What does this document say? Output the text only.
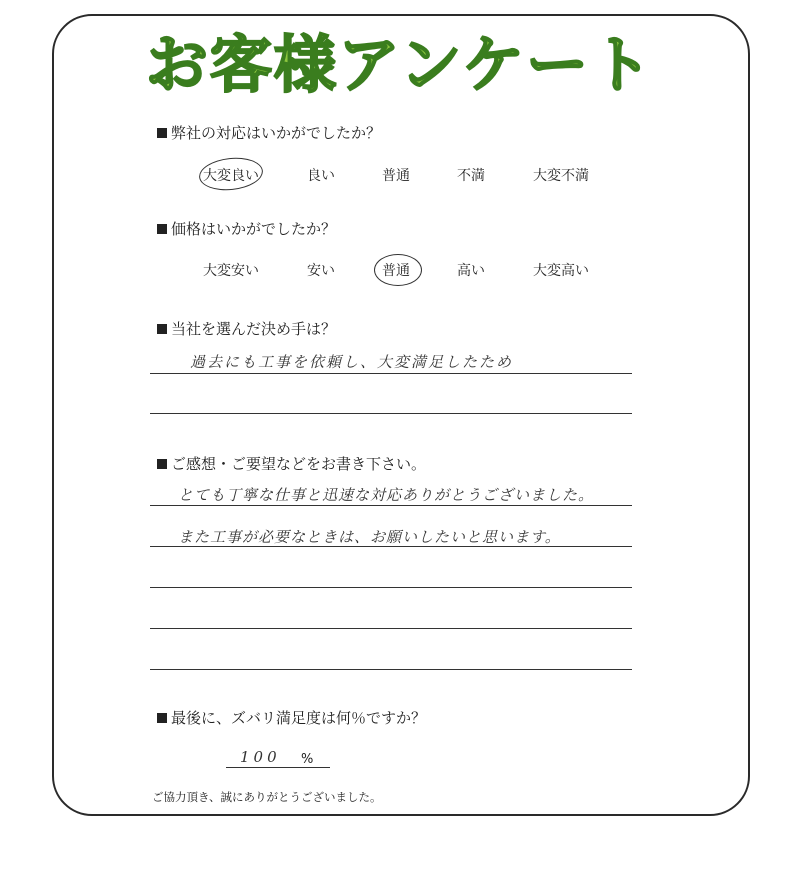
お客様アンケート
弊社の対応はいかがでしたか？
大変良い	良い	普通	不満	大変不満
価格はいかがでしたか？
大変安い	安い	普通	高い	大変高い
当社を選んだ決め手は？
過去にも工事を依頼し、大変満足したため
ご感想・ご要望などをお書き下さい。
とても丁寧な仕事と迅速な対応ありがとうございました。
また工事が必要なときは、お願いしたいと思います。
最後に、ズバリ満足度は何％ですか？
100 %
ご協力頂き、誠にありがとうございました。
